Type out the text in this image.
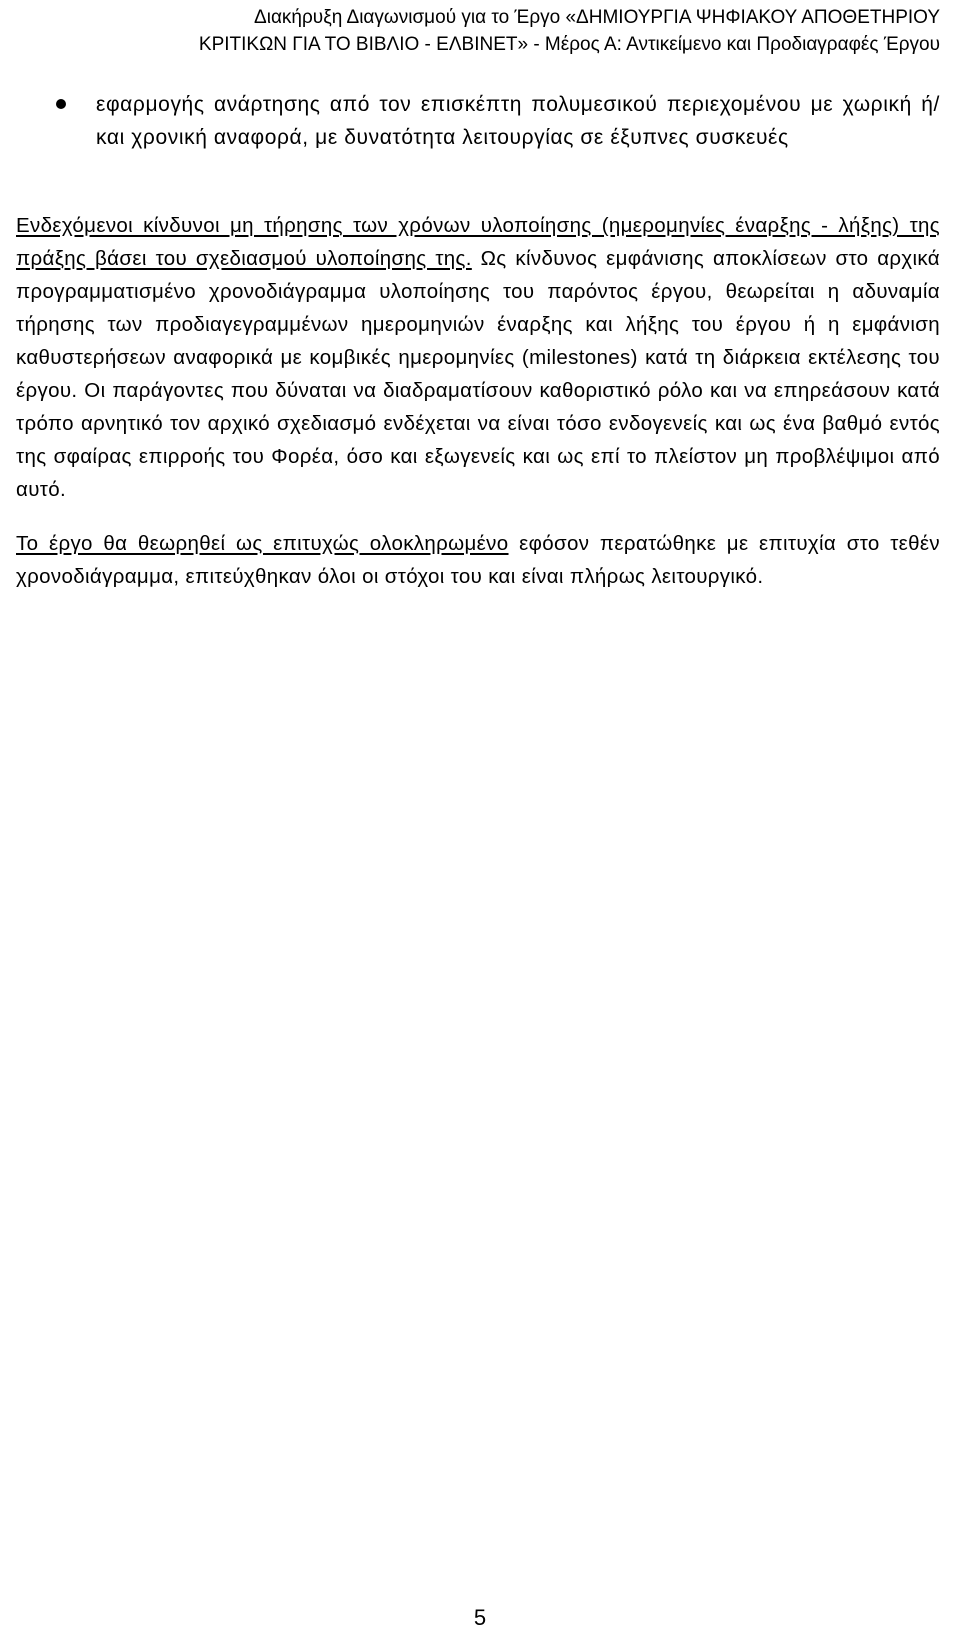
Διακήρυξη Διαγωνισμού για το Έργο «ΔΗΜΙΟΥΡΓΙΑ ΨΗΦΙΑΚΟΥ ΑΠΟΘΕΤΗΡΙΟΥ
ΚΡΙΤΙΚΩΝ ΓΙΑ ΤΟ ΒΙΒΛΙΟ - ΕΛΒΙΝΕΤ» - Μέρος Α: Αντικείμενο και Προδιαγραφές Έργου
εφαρμογής ανάρτησης από τον επισκέπτη πολυμεσικού περιεχομένου με χωρική ή/και χρονική αναφορά, με δυνατότητα λειτουργίας σε έξυπνες συσκευές

Ενδεχόμενοι κίνδυνοι μη τήρησης των χρόνων υλοποίησης (ημερομηνίες έναρξης - λήξης) της πράξης βάσει του σχεδιασμού υλοποίησης της. Ως κίνδυνος εμφάνισης αποκλίσεων στο αρχικά προγραμματισμένο χρονοδιάγραμμα υλοποίησης του παρόντος έργου, θεωρείται η αδυναμία τήρησης των προδιαγεγραμμένων ημερομηνιών έναρξης και λήξης του έργου ή η εμφάνιση καθυστερήσεων αναφορικά με κομβικές ημερομηνίες (milestones) κατά τη διάρκεια εκτέλεσης του έργου. Οι παράγοντες που δύναται να διαδραματίσουν καθοριστικό ρόλο και να επηρεάσουν κατά τρόπο αρνητικό τον αρχικό σχεδιασμό ενδέχεται να είναι τόσο ενδογενείς και ως ένα βαθμό εντός της σφαίρας επιρροής του Φορέα, όσο και εξωγενείς και ως επί το πλείστον μη προβλέψιμοι από αυτό.

Το έργο θα θεωρηθεί ως επιτυχώς ολοκληρωμένο εφόσον περατώθηκε με επιτυχία στο τεθέν χρονοδιάγραμμα, επιτεύχθηκαν όλοι οι στόχοι του και είναι πλήρως λειτουργικό.

5
